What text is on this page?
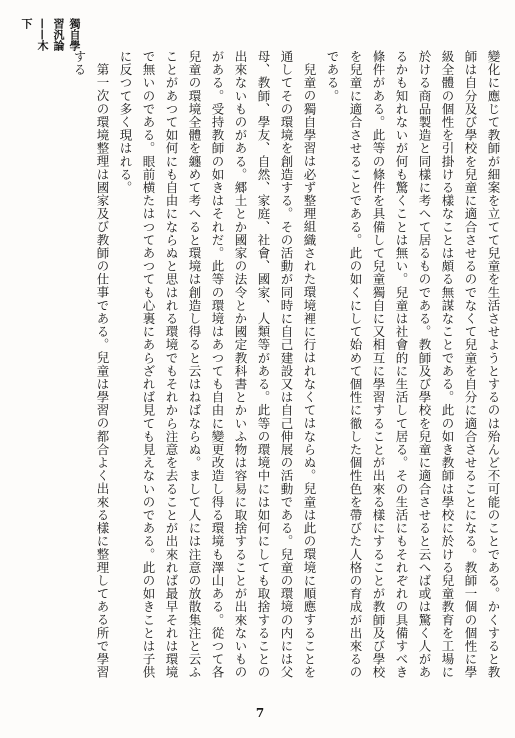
獨自學習汎論——木下

變化に應じて教師が細案を立てて兒童を生活させようとするのは殆んど不可能のことである。かくすると教師は自分及び學校を兒童に適合させるのでなくて兒童を自分に適合させることになる。教師一個の個性に學級全體の個性を引掛ける樣なことは頗る無謀なことである。此の如き教師は學校に於ける兒童教育を工場に於ける商品製造と同樣に考へて居るものである。教師及び學校を兒童に適合させると云へば或は驚く人があるかも知れないが何も驚くことは無い。兒童は社會的に生活して居る。その生活にもそれぞれの具備すべき條件がある。此等の條件を具備して兒童獨自に又相互に學習することが出來る樣にすることが教師及び學校を兒童に適合させることである。此の如くにして始めて個性に徹した個性色を帶びた人格の育成が出來るのである。

兒童の獨自學習は必ず整理組織された環境裡に行はれなくてはならぬ。兒童は此の環境に順應することを通してその環境を創造する。その活動が同時に自己建設又は自己伸展の活動である。兒童の環境の内には父母、教師、學友、自然、家庭、社會、國家、人類等がある。此等の環境中には如何にしても取捨することの出來ないものがある。郷土とか國家の法令とか國定教科書とかいふ物は容易に取捨することが出來ないものがある。受持教師の如きはそれだ。此等の環境はあつても自由に變更改造し得る環境も澤山ある。從つて各兒童の環境全體を纏めて考へると環境は創造し得ると云はねばならぬ。まして人には注意の放散集注と云ふことがあつて如何にも自由にならぬと思はれる環境でもそれから注意を去ることが出來れば最早それは環境で無いのである。眼前横たはつてあつても心裏にあらざれば見ても見えないのである。此の如きことは子供に反つて多く現はれる。

第一次の環境整理は國家及び教師の仕事である。兒童は學習の都合よく出來る樣に整理してある所で學習する

7
